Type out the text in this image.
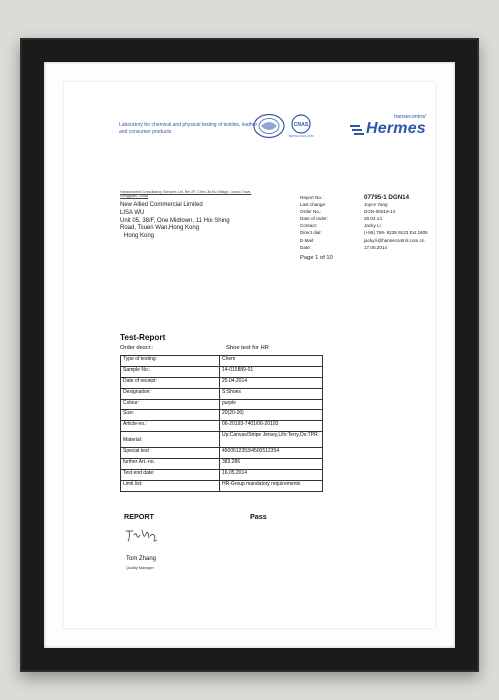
Laboratory for chemical and physical testing of textiles, leather and consumer products
CNAS
TESTING CNAS L3579
hansecontrol
Hermes
Hansecontrol Consultancy Services Ltd, Rm 2F, Chen Jia Bu Village, Lianyu Town, Dongguan, China
New Allied Commercial Limited
LISA WU
Unit 05, 38/F, One Midtown, 11 Hoi Shing
Road, Tsuen Wan,Hong Kong
Hong Kong
Report No.:	07795-1 DGN14
Last change:	Joyce Yang
Order No.:	DGN-06019-14
Date of order:	28.04.14
Contact:	Jacky Li
Direct dial:	(+86) 769- 8239 9123 Ext 1605
E-Mail:	jacky.li@hansecontrol.com.cn
Date:	17.06.2014
Page 1 of 10
Test-Report
Order descr.:	Shoe test for HR
Type of testing:	Chem
Sample No.:	14-015889-01
Date of receipt:	25.04.2014
Designation:	S:Shoes
Colour:	purple
Size:	20(20-26)
Article-no.:	06-20193-7401/06-20193
Material:	Up:Canvas/Stripe Jersey,Lifo:Terry,Os:TPR
Special test	4500512353/4500512354
further Art.-no.	383.286
Test end date:	16.05.2014
Limit list:	HR-Group mandatory requirements
REPORT	Pass
Tom Zhang
Quality Manager
